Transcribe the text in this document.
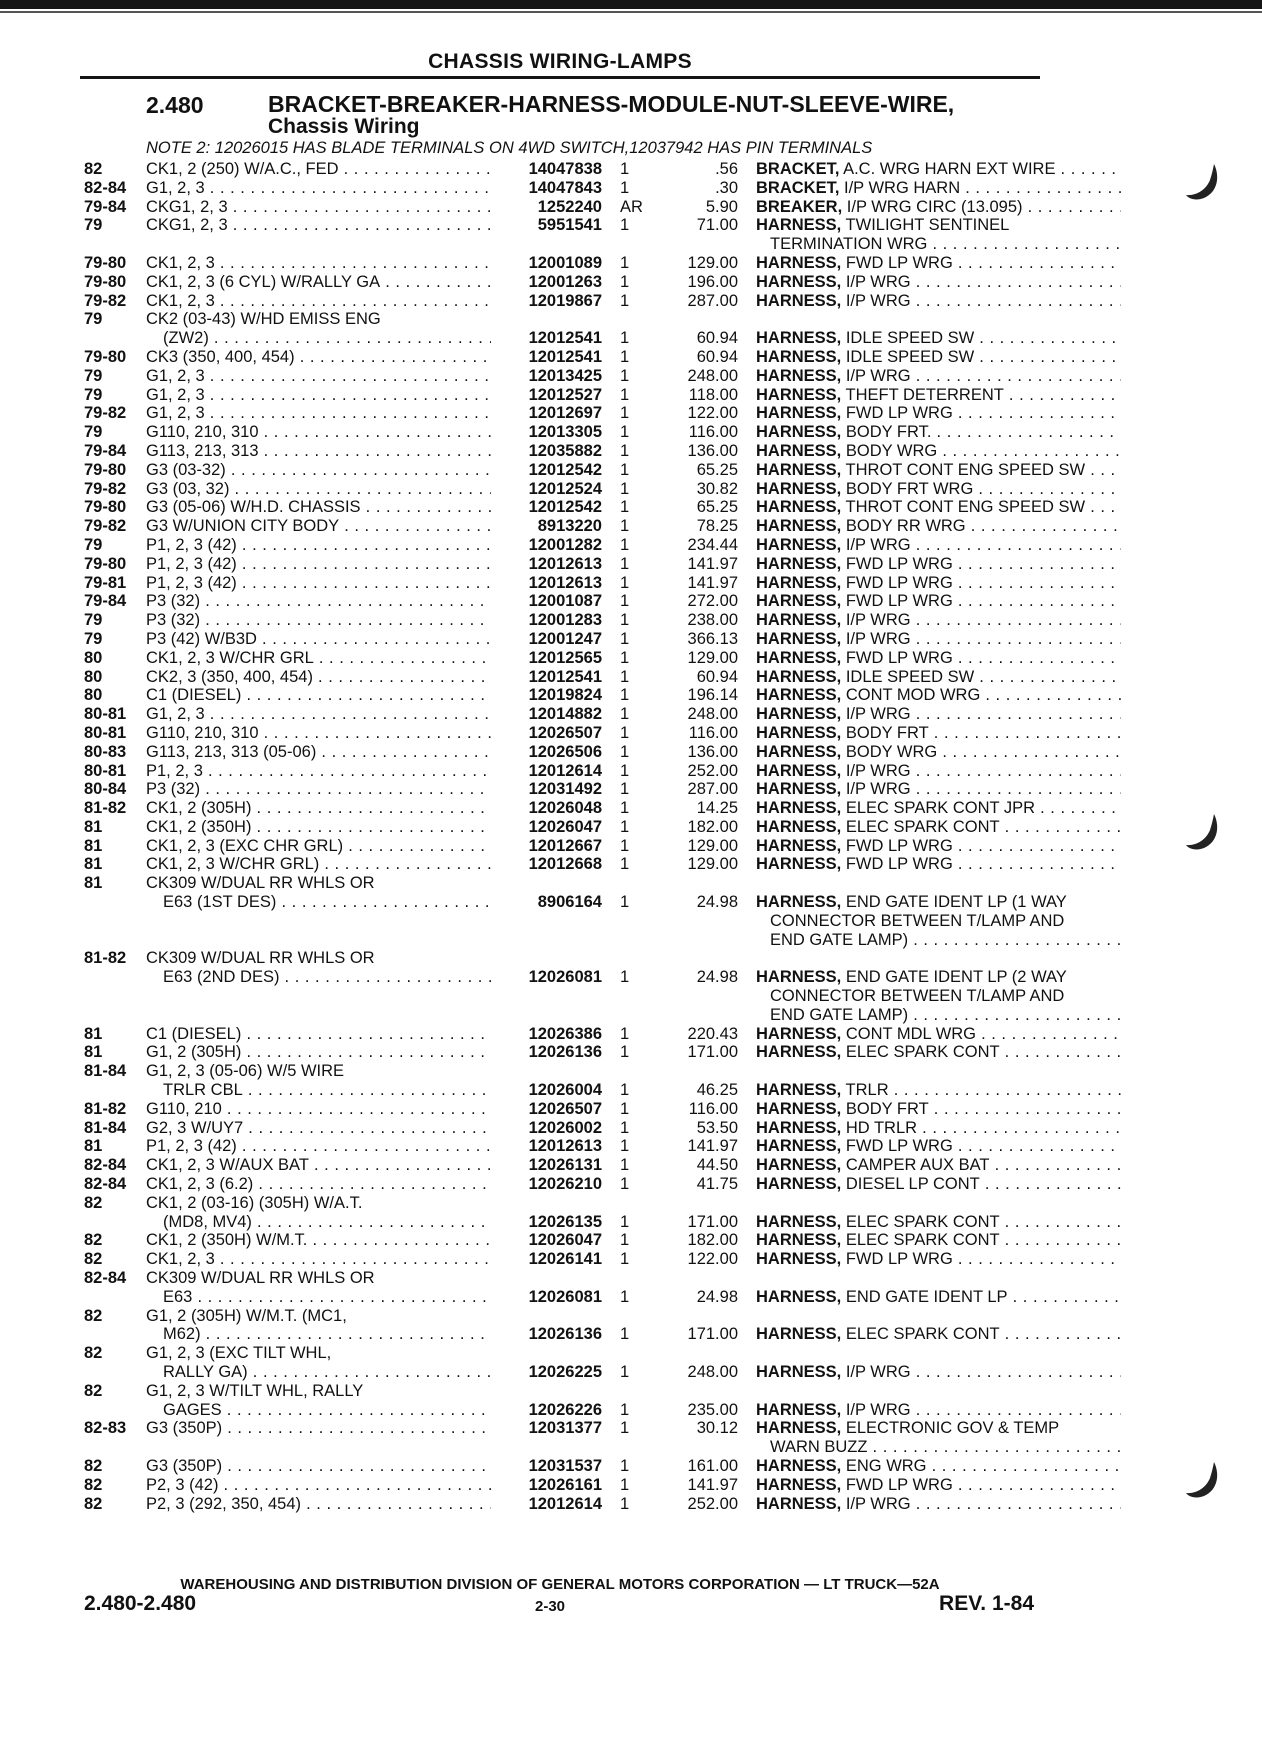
CHASSIS WIRING-LAMPS
2.480	BRACKET-BREAKER-HARNESS-MODULE-NUT-SLEEVE-WIRE,
Chassis Wiring
NOTE 2: 12026015 HAS BLADE TERMINALS ON 4WD SWITCH,12037942 HAS PIN TERMINALS
82	CK1, 2 (250) W/A.C., FED . . .	14047838 1	.56 BRACKET, A.C. WRG HARN EXT WIRE . . .
82-84 G1, 2, 3 . . .	14047843 1	.30 BRACKET, I/P WRG HARN . . .
79-84 CKG1, 2, 3 . . .	1252240 AR	5.90 BREAKER, I/P WRG CIRC (13.095) . . .
79	CKG1, 2, 3 . . .	5951541 1	71.00 HARNESS, TWILIGHT SENTINEL
TERMINATION WRG . . .
79-80 CK1, 2, 3 . . .	12001089 1	129.00 HARNESS, FWD LP WRG . . .
79-80 CK1, 2, 3 (6 CYL) W/RALLY GA . . .	12001263 1	196.00 HARNESS, I/P WRG . . .
79-82 CK1, 2, 3 . . .	12019867 1	287.00 HARNESS, I/P WRG . . .
79	CK2 (03-43) W/HD EMISS ENG
(ZW2) . . .	12012541 1	60.94 HARNESS, IDLE SPEED SW . . .
79-80 CK3 (350, 400, 454) . . .	12012541 1	60.94 HARNESS, IDLE SPEED SW . . .
79	G1, 2, 3 . . .	12013425 1	248.00 HARNESS, I/P WRG . . .
79	G1, 2, 3 . . .	12012527 1	118.00 HARNESS, THEFT DETERRENT . . .
79-82 G1, 2, 3 . . .	12012697 1	122.00 HARNESS, FWD LP WRG . . .
79	G110, 210, 310 . . .	12013305 1	116.00 HARNESS, BODY FRT. . . .
79-84 G113, 213, 313 . . .	12035882 1	136.00 HARNESS, BODY WRG . . .
79-80 G3 (03-32) . . .	12012542 1	65.25 HARNESS, THROT CONT ENG SPEED SW . . .
79-82 G3 (03, 32) . . .	12012524 1	30.82 HARNESS, BODY FRT WRG . . .
79-80 G3 (05-06) W/H.D. CHASSIS . . .	12012542 1	65.25 HARNESS, THROT CONT ENG SPEED SW . . .
79-82 G3 W/UNION CITY BODY . . .	8913220 1	78.25 HARNESS, BODY RR WRG . . .
79	P1, 2, 3 (42) . . .	12001282 1	234.44 HARNESS, I/P WRG . . .
79-80 P1, 2, 3 (42) . . .	12012613 1	141.97 HARNESS, FWD LP WRG . . .
79-81 P1, 2, 3 (42) . . .	12012613 1	141.97 HARNESS, FWD LP WRG . . .
79-84 P3 (32) . . .	12001087 1	272.00 HARNESS, FWD LP WRG . . .
79	P3 (32) . . .	12001283 1	238.00 HARNESS, I/P WRG . . .
79	P3 (42) W/B3D . . .	12001247 1	366.13 HARNESS, I/P WRG . . .
80	CK1, 2, 3 W/CHR GRL . . .	12012565 1	129.00 HARNESS, FWD LP WRG . . .
80	CK2, 3 (350, 400, 454) . . .	12012541 1	60.94 HARNESS, IDLE SPEED SW . . .
80	C1 (DIESEL) . . .	12019824 1	196.14 HARNESS, CONT MOD WRG . . .
80-81 G1, 2, 3 . . .	12014882 1	248.00 HARNESS, I/P WRG . . .
80-81 G110, 210, 310 . . .	12026507 1	116.00 HARNESS, BODY FRT . . .
80-83 G113, 213, 313 (05-06) . . .	12026506 1	136.00 HARNESS, BODY WRG . . .
80-81 P1, 2, 3 . . .	12012614 1	252.00 HARNESS, I/P WRG . . .
80-84 P3 (32) . . .	12031492 1	287.00 HARNESS, I/P WRG . . .
81-82 CK1, 2 (305H) . . .	12026048 1	14.25 HARNESS, ELEC SPARK CONT JPR . . .
81	CK1, 2 (350H) . . .	12026047 1	182.00 HARNESS, ELEC SPARK CONT . . .
81	CK1, 2, 3 (EXC CHR GRL) . . .	12012667 1	129.00 HARNESS, FWD LP WRG . . .
81	CK1, 2, 3 W/CHR GRL) . . .	12012668 1	129.00 HARNESS, FWD LP WRG . . .
81	CK309 W/DUAL RR WHLS OR
E63 (1ST DES) . . .	8906164 1	24.98 HARNESS, END GATE IDENT LP (1 WAY
CONNECTOR BETWEEN T/LAMP AND
END GATE LAMP) . . .
81-82 CK309 W/DUAL RR WHLS OR
E63 (2ND DES) . . .	12026081 1	24.98 HARNESS, END GATE IDENT LP (2 WAY
CONNECTOR BETWEEN T/LAMP AND
END GATE LAMP) . . .
81	C1 (DIESEL) . . .	12026386 1	220.43 HARNESS, CONT MDL WRG . . .
81	G1, 2 (305H) . . .	12026136 1	171.00 HARNESS, ELEC SPARK CONT . . .
81-84 G1, 2, 3 (05-06) W/5 WIRE
TRLR CBL . . .	12026004 1	46.25 HARNESS, TRLR . . .
81-82 G110, 210 . . .	12026507 1	116.00 HARNESS, BODY FRT . . .
81-84 G2, 3 W/UY7 . . .	12026002 1	53.50 HARNESS, HD TRLR . . .
81	P1, 2, 3 (42) . . .	12012613 1	141.97 HARNESS, FWD LP WRG . . .
82-84 CK1, 2, 3 W/AUX BAT . . .	12026131 1	44.50 HARNESS, CAMPER AUX BAT . . .
82-84 CK1, 2, 3 (6.2) . . .	12026210 1	41.75 HARNESS, DIESEL LP CONT . . .
82	CK1, 2 (03-16) (305H) W/A.T.
(MD8, MV4) . . .	12026135 1	171.00 HARNESS, ELEC SPARK CONT . . .
82	CK1, 2 (350H) W/M.T. . . .	12026047 1	182.00 HARNESS, ELEC SPARK CONT . . .
82	CK1, 2, 3 . . .	12026141 1	122.00 HARNESS, FWD LP WRG . . .
82-84 CK309 W/DUAL RR WHLS OR
E63 . . .	12026081 1	24.98 HARNESS, END GATE IDENT LP . . .
82	G1, 2 (305H) W/M.T. (MC1,
M62) . . .	12026136 1	171.00 HARNESS, ELEC SPARK CONT . . .
82	G1, 2, 3 (EXC TILT WHL,
RALLY GA) . . .	12026225 1	248.00 HARNESS, I/P WRG . . .
82	G1, 2, 3 W/TILT WHL, RALLY
GAGES . . .	12026226 1	235.00 HARNESS, I/P WRG . . .
82-83 G3 (350P) . . .	12031377 1	30.12 HARNESS, ELECTRONIC GOV & TEMP
WARN BUZZ . . .
82	G3 (350P) . . .	12031537 1	161.00 HARNESS, ENG WRG . . .
82	P2, 3 (42) . . .	12026161 1	141.97 HARNESS, FWD LP WRG . . .
82	P2, 3 (292, 350, 454) . . .	12012614 1	252.00 HARNESS, I/P WRG . . .
WAREHOUSING AND DISTRIBUTION DIVISION OF GENERAL MOTORS CORPORATION — LT TRUCK—52A
2.480-2.480	2-30	REV. 1-84
